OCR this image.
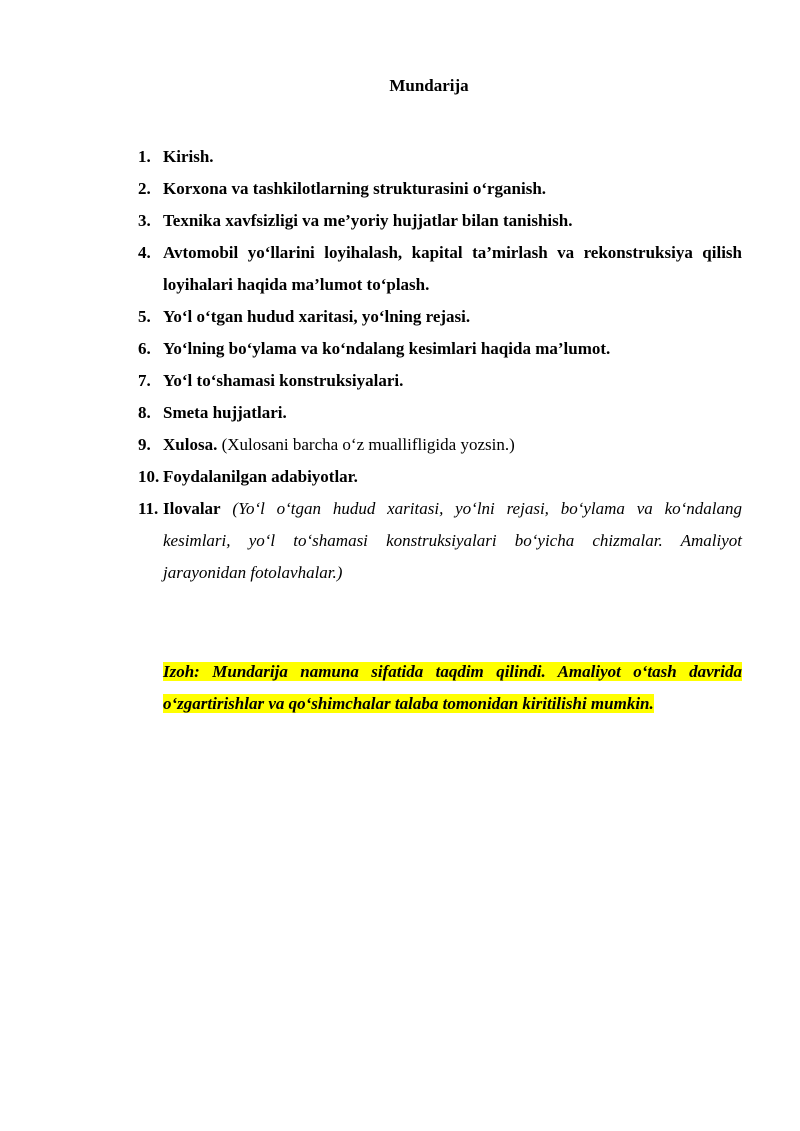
Mundarija
1. Kirish.
2. Korxona va tashkilotlarning strukturasini o‘rganish.
3. Texnika xavfsizligi va me’yoriy hujjatlar bilan tanishish.
4. Avtomobil yo‘llarini loyihalash, kapital ta’mirlash va rekonstruksiya qilish loyihalari haqida ma’lumot to‘plash.
5. Yo‘l o‘tgan hudud xaritasi, yo‘lning rejasi.
6. Yo‘lning bo‘ylama va ko‘ndalang kesimlari haqida ma’lumot.
7. Yo‘l to‘shamasi konstruksiyalari.
8. Smeta hujjatlari.
9. Xulosa. (Xulosani barcha o‘z muallifligida yozsin.)
10. Foydalanilgan adabiyotlar.
11. Ilovalar (Yo‘l o‘tgan hudud xaritasi, yo‘lni rejasi, bo‘ylama va ko‘ndalang kesimlari, yo‘l to‘shamasi konstruksiyalari bo‘yicha chizmalar. Amaliyot jarayonidan fotolavhalar.)
Izoh: Mundarija namuna sifatida taqdim qilindi. Amaliyot o‘tash davrida o‘zgartirishlar va qo‘shimchalar talaba tomonidan kiritilishi mumkin.
